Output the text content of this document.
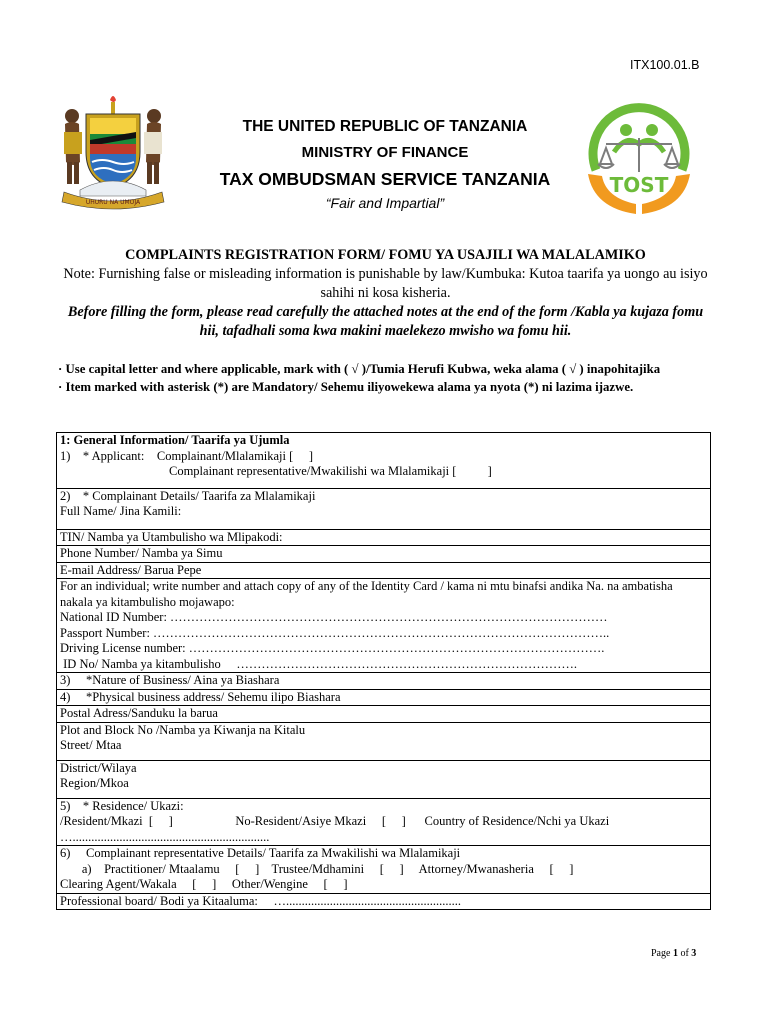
ITX100.01.B
UHURU NA UMOJA
THE UNITED REPUBLIC OF TANZANIA
MINISTRY OF FINANCE
TAX OMBUDSMAN SERVICE TANZANIA
“Fair and Impartial”
TOST
COMPLAINTS REGISTRATION FORM/ FOMU YA USAJILI WA MALALAMIKO
Note: Furnishing false or misleading information is punishable by law/Kumbuka: Kutoa taarifa ya uongo au isiyo sahihi ni kosa kisheria.
Before filling the form, please read carefully the attached notes at the end of the form /Kabla ya kujaza fomu hii, tafadhali soma kwa makini maelekezo mwisho wa fomu hii.
· Use capital letter and where applicable, mark with ( √ )/Tumia Herufi Kubwa, weka alama ( √ ) inapohitajika
· Item marked with asterisk (*) are Mandatory/ Sehemu iliyowekewa alama ya nyota (*) ni lazima ijazwe.
1: General Information/ Taarifa ya Ujumla
1)    * Applicant:    Complainant/Mlalamikaji [     ]
Complainant representative/Mwakilishi wa Mlalamikaji [          ]

2)    * Complainant Details/ Taarifa za Mlalamikaji
Full Name/ Jina Kamili:

TIN/ Namba ya Utambulisho wa Mlipakodi:
Phone Number/ Namba ya Simu
E-mail Address/ Barua Pepe

For an individual; write number and attach copy of any of the Identity Card / kama ni mtu binafsi andika Na. na ambatisha nakala ya kitambulisho mojawapo:
National ID Number: ……………………………………………………………………………………………
Passport Number: ………………………………………………………………………………………………..
Driving License number: ……………………………………………………………………………………….
ID No/ Namba ya kitambulisho     ……………………………………………………………………….

3)     *Nature of Business/ Aina ya Biashara
4)     *Physical business address/ Sehemu ilipo Biashara
Postal Adress/Sanduku la barua

Plot and Block No /Namba ya Kiwanja na Kitalu
Street/ Mtaa

District/Wilaya
Region/Mkoa

5)    * Residence/ Ukazi:
/Resident/Mkazi  [     ]                    No-Resident/Asiye Mkazi     [     ]      Country of Residence/Nchi ya Ukazi
…...............................................................

6)     Complainant representative Details/ Taarifa za Mwakilishi wa Mlalamikaji
a)    Practitioner/ Mtaalamu     [     ]    Trustee/Mdhamini     [     ]     Attorney/Mwanasheria     [     ]
Clearing Agent/Wakala     [     ]     Other/Wengine     [     ]

Professional board/ Bodi ya Kitaaluma:     …........................................................
Page 1 of 3
